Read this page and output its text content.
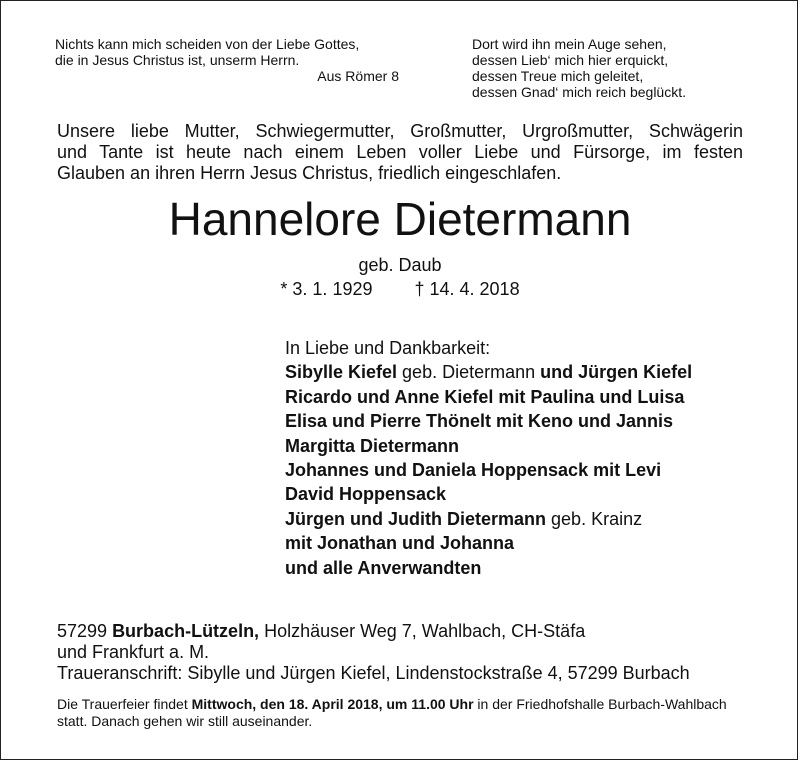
Nichts kann mich scheiden von der Liebe Gottes,
die in Jesus Christus ist, unserm Herrn.
Aus Römer 8
Dort wird ihn mein Auge sehen,
dessen Lieb‘ mich hier erquickt,
dessen Treue mich geleitet,
dessen Gnad‘ mich reich beglückt.
Unsere liebe Mutter, Schwiegermutter, Großmutter, Urgroßmutter, Schwägerin
und Tante ist heute nach einem Leben voller Liebe und Fürsorge, im festen
Glauben an ihren Herrn Jesus Christus, friedlich eingeschlafen.
Hannelore Dietermann
geb. Daub
* 3. 1. 1929 † 14. 4. 2018
In Liebe und Dankbarkeit:
Sibylle Kiefel geb. Dietermann und Jürgen Kiefel
Ricardo und Anne Kiefel mit Paulina und Luisa
Elisa und Pierre Thönelt mit Keno und Jannis
Margitta Dietermann
Johannes und Daniela Hoppensack mit Levi
David Hoppensack
Jürgen und Judith Dietermann geb. Krainz
mit Jonathan und Johanna
und alle Anverwandten
57299 Burbach-Lützeln, Holzhäuser Weg 7, Wahlbach, CH-Stäfa
und Frankfurt a. M.
Traueranschrift: Sibylle und Jürgen Kiefel, Lindenstockstraße 4, 57299 Burbach
Die Trauerfeier findet Mittwoch, den 18. April 2018, um 11.00 Uhr in der Friedhofshalle Burbach-Wahlbach statt. Danach gehen wir still auseinander.
